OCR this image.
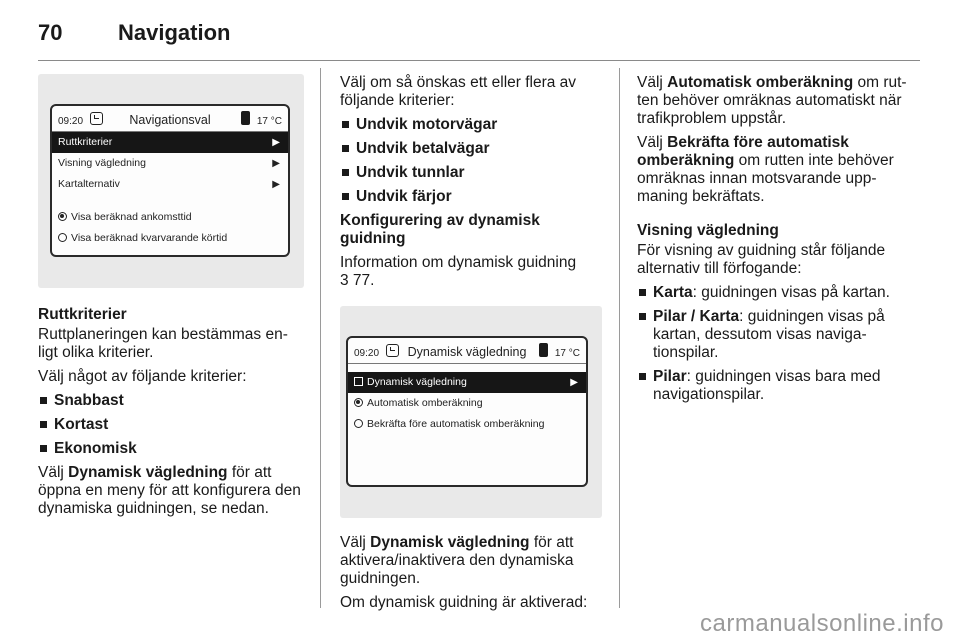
70	Navigation
09:20	Navigationsval	17 °C
Ruttkriterier	▶
Visning vägledning	▶
Kartalternativ	▶
Visa beräknad ankomsttid
Visa beräknad kvarvarande körtid

Ruttkriterier

Ruttplaneringen kan bestämmas en-ligt olika kriterier.

Välj något av följande kriterier:

Snabbast
Kortast
Ekonomisk

Välj Dynamisk vägledning för att öppna en meny för att konfigurera den dynamiska guidningen, se nedan.

Välj om så önskas ett eller flera av följande kriterier:

Undvik motorvägar
Undvik betalvägar
Undvik tunnlar
Undvik färjor

Konfigurering av dynamisk guidning

Information om dynamisk guidning
3 77.

09:20	Dynamisk vägledning	17 °C
Dynamisk vägledning	▶
Automatisk omberäkning
Bekräfta före automatisk omberäkning

Välj Dynamisk vägledning för att aktivera/inaktivera den dynamiska guidningen.

Om dynamisk guidning är aktiverad:

Välj Automatisk omberäkning om rut-ten behöver omräknas automatiskt när trafikproblem uppstår.

Välj Bekräfta före automatisk omberäkning om rutten inte behöver omräknas innan motsvarande upp-maning bekräftats.

Visning vägledning

För visning av guidning står följande alternativ till förfogande:

Karta: guidningen visas på kartan.
Pilar / Karta: guidningen visas på kartan, dessutom visas naviga-tionspilar.
Pilar: guidningen visas bara med navigationspilar.
carmanualsonline.info
